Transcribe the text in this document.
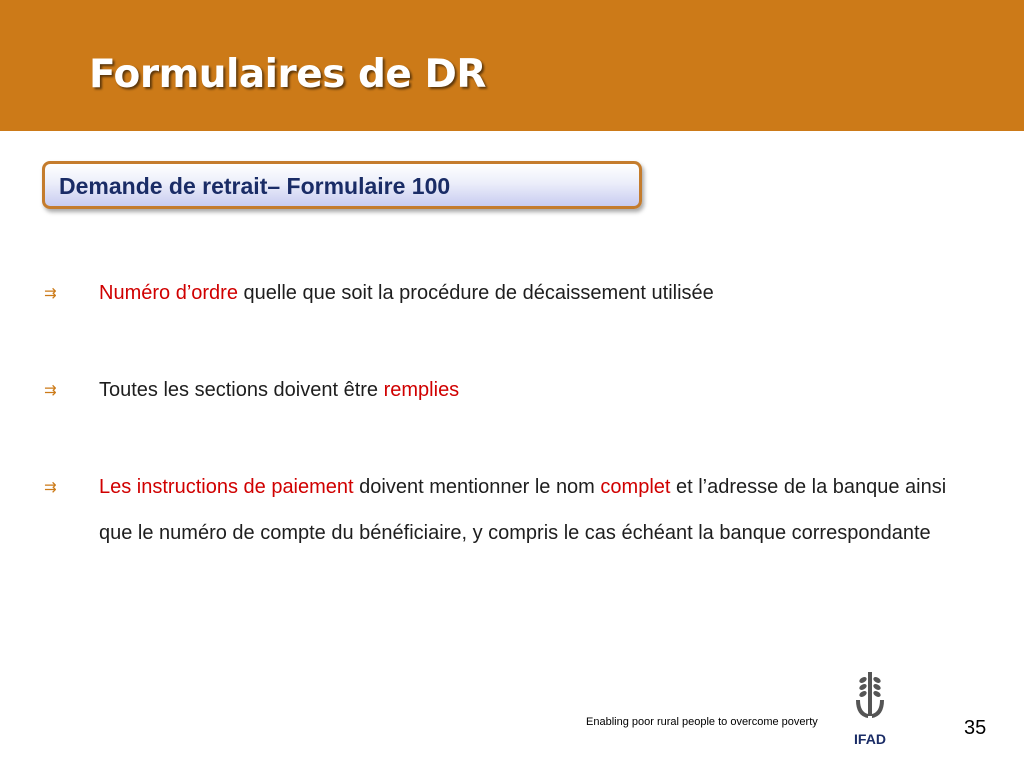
Formulaires de DR
Demande de retrait– Formulaire 100
⇉ Numéro d’ordre quelle que soit la procédure de décaissement utilisée
⇉ Toutes les sections doivent être remplies
⇉ Les instructions de paiement doivent mentionner le nom complet et l’adresse de la banque ainsi que le numéro de compte du bénéficiaire, y compris le cas échéant la banque correspondante
Enabling poor rural people to overcome poverty
IFAD	35
